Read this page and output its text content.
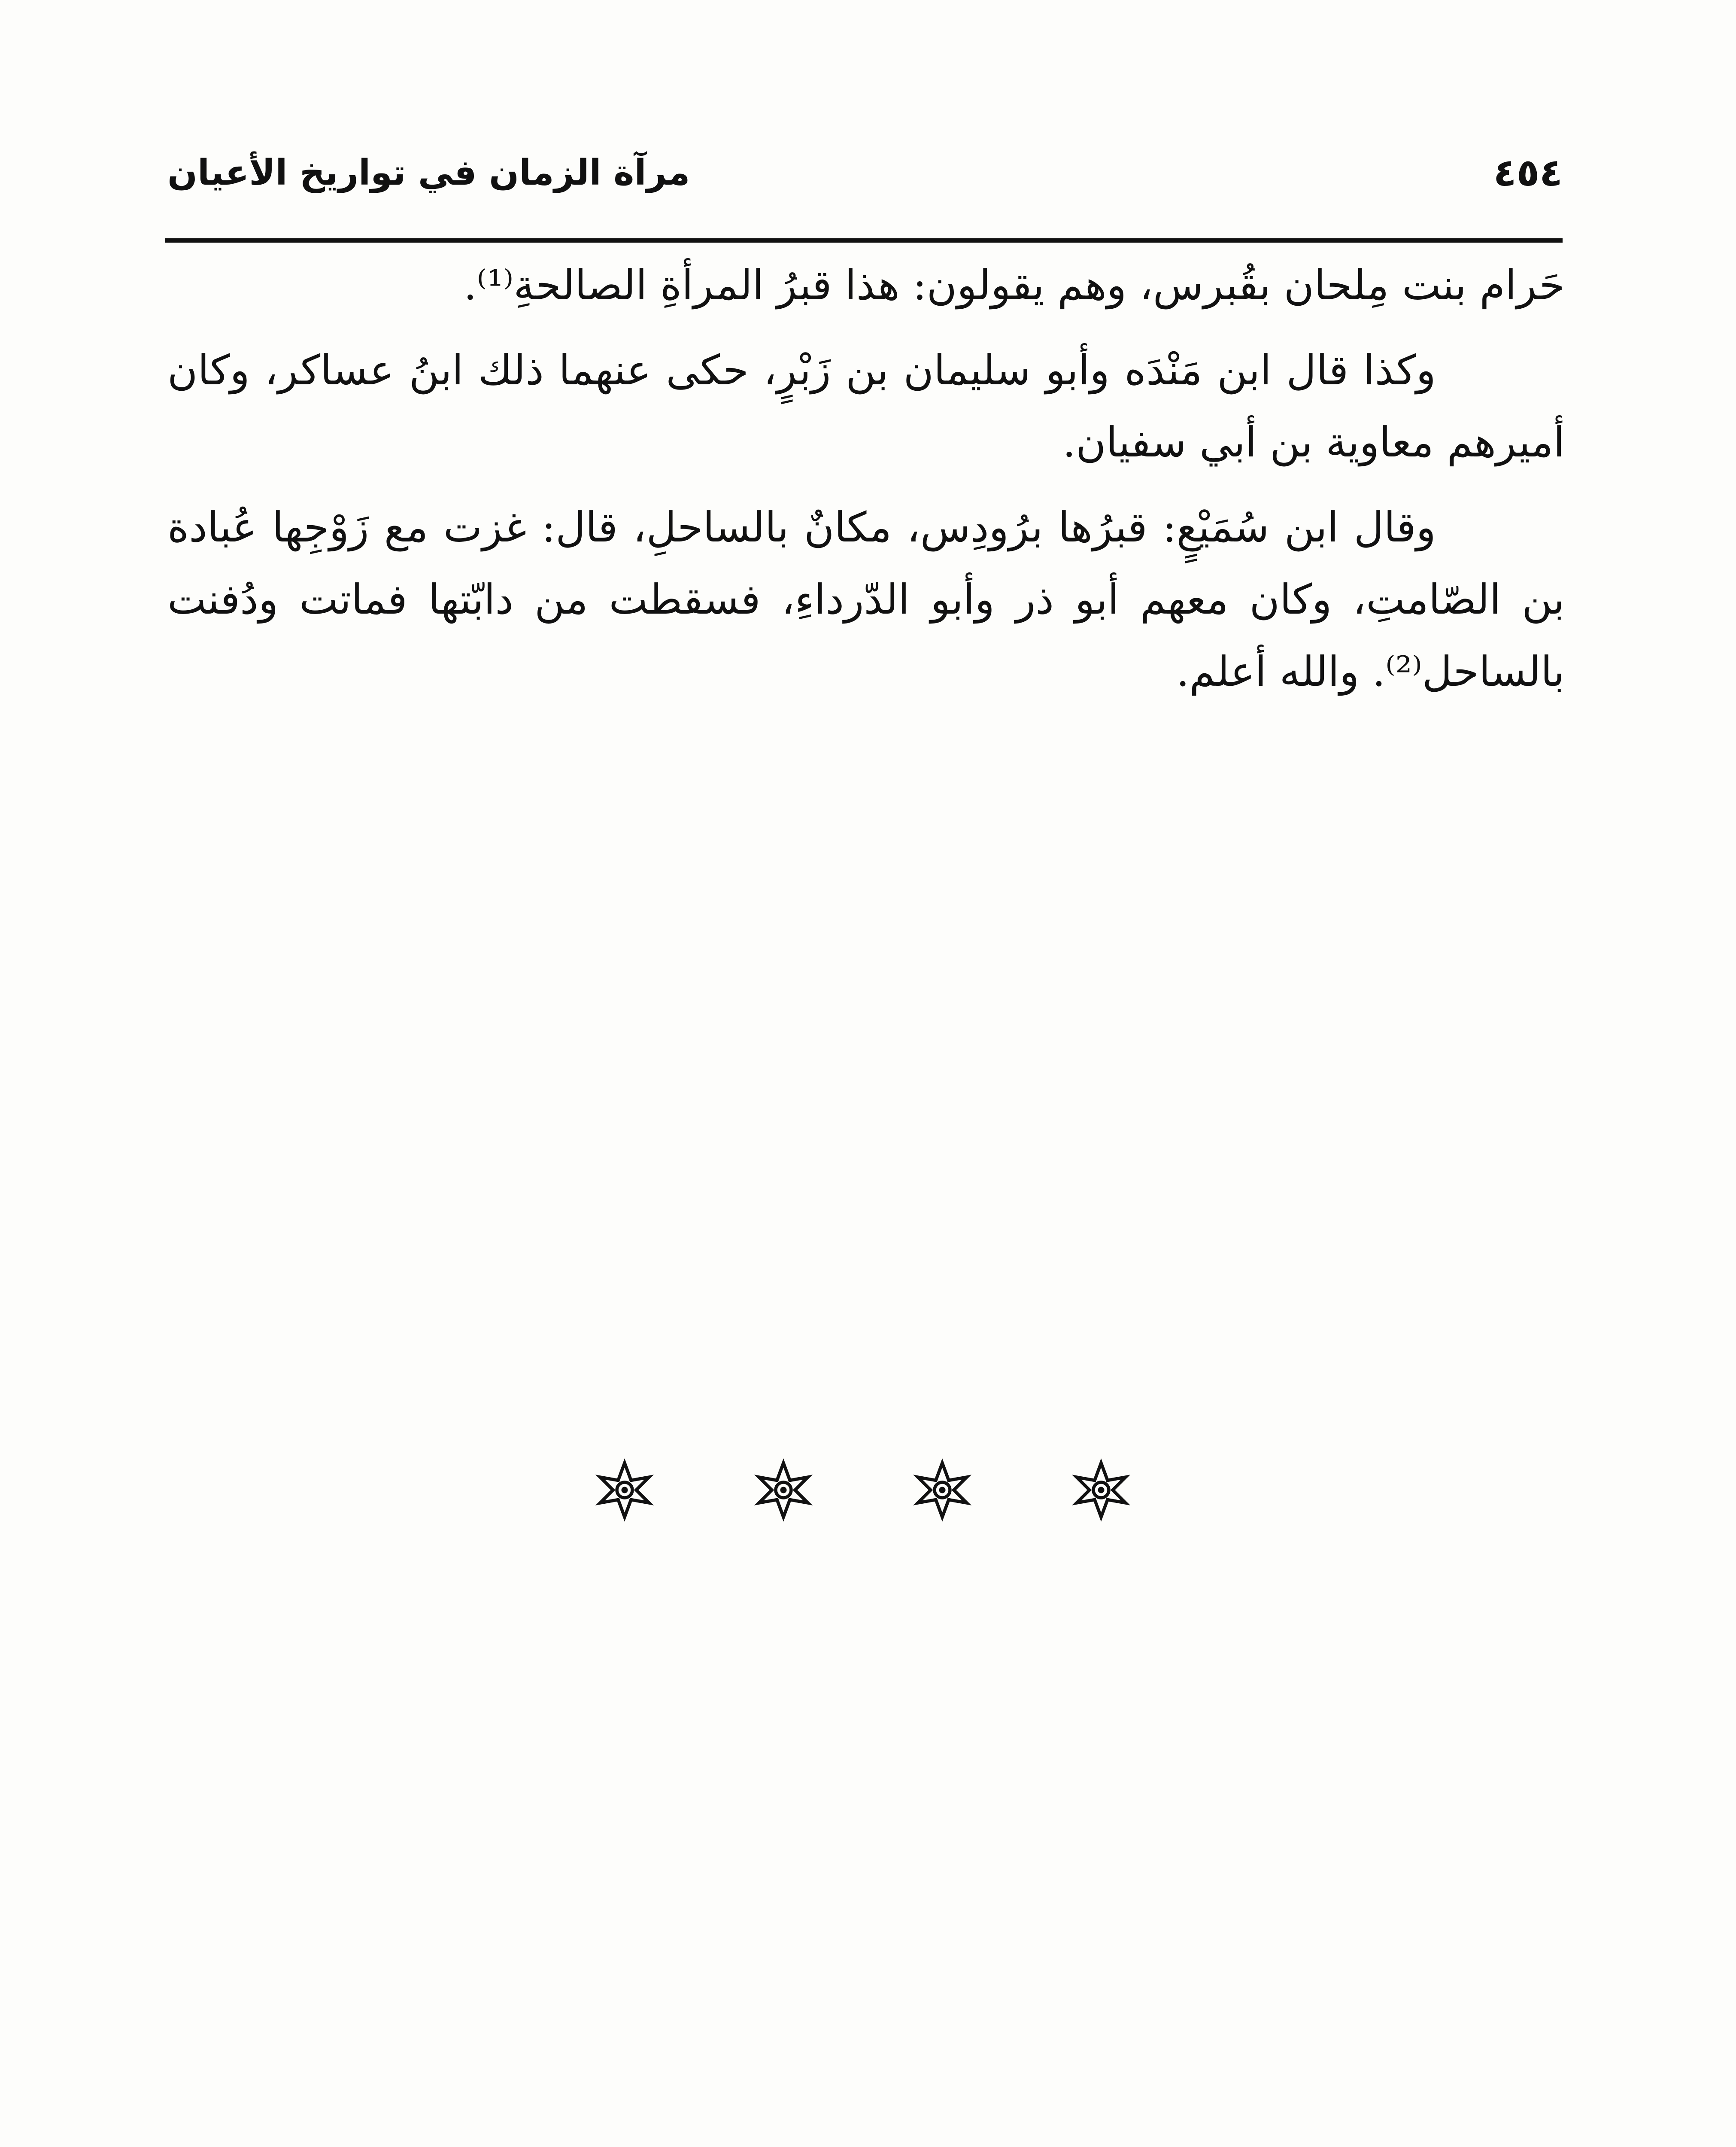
٤٥٤
مرآة الزمان في تواريخ الأعيان

حَرام بنت مِلحان بقُبرس، وهم يقولون: هذا قبرُ المرأةِ الصالحةِ⁽¹⁾.

وكذا قال ابن مَنْدَه وأبو سليمان بن زَبْرٍ، حكى عنهما ذلك ابنُ عساكر، وكان أميرهم معاوية بن أبي سفيان.

وقال ابن سُمَيْعٍ: قبرُها برُودِس، مكانٌ بالساحلِ، قال: غزت مع زَوْجِها عُبادة بن الصّامتِ، وكان معهم أبو ذر وأبو الدّرداءِ، فسقطت من دابّتها فماتت ودُفنت بالساحل⁽²⁾. والله أعلم.
